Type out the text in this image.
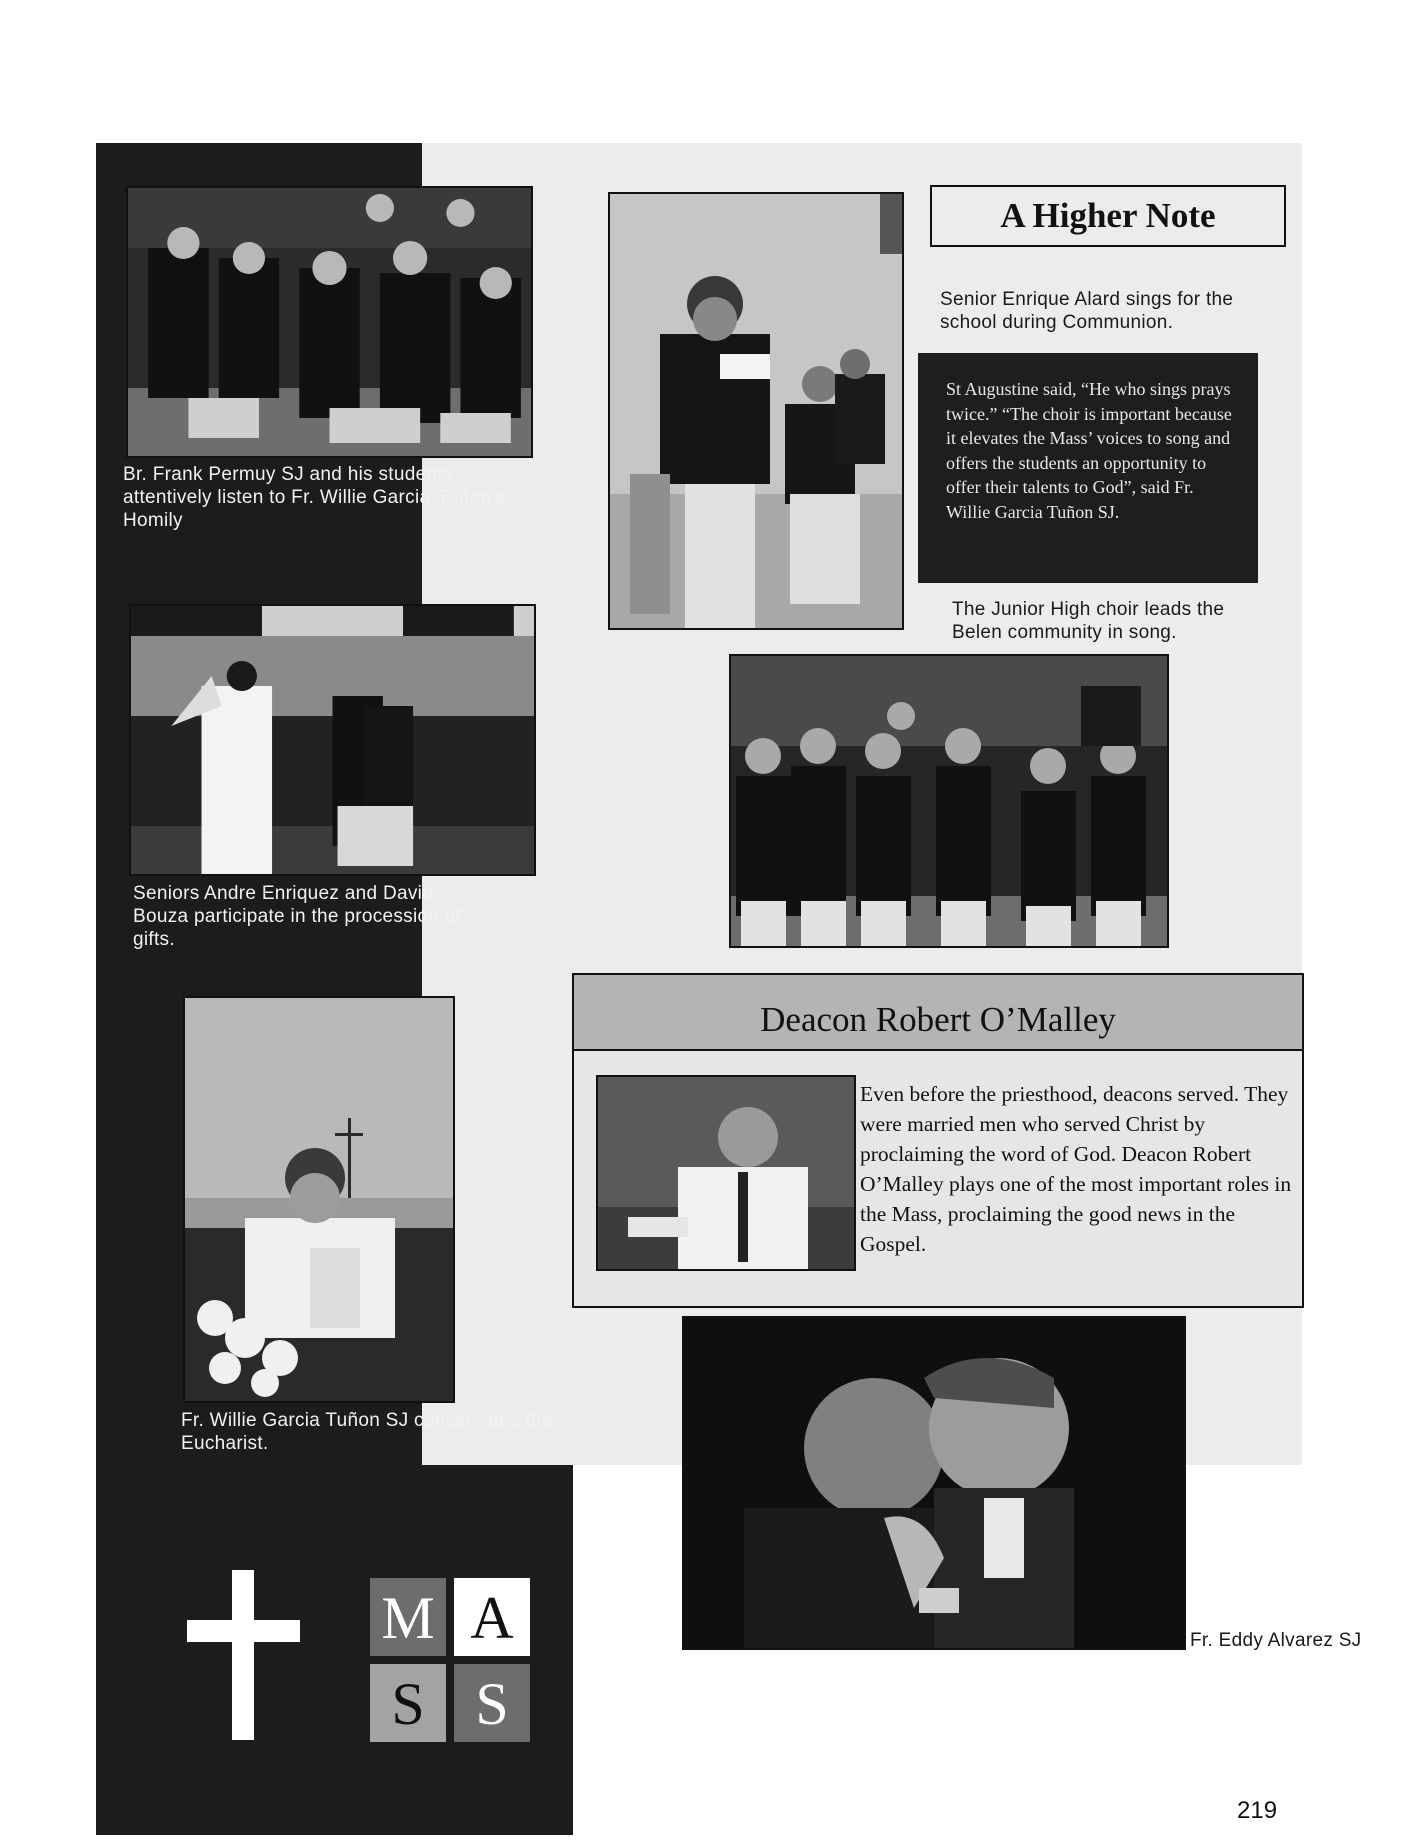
Br. Frank Permuy SJ and his students attentively listen to Fr. Willie Garcia-Tuñon's Homily
Seniors Andre Enriquez and David Bouza participate in the procession of gifts.
Fr. Willie Garcia Tuñon SJ consecrates the Eucharist.
M A
S S
A Higher Note
Senior Enrique Alard sings for the school during Communion.
St Augustine said, “He who sings prays twice.” “The choir is important because it elevates the Mass’ voices to song and offers the students an opportunity to offer their talents to God”, said Fr. Willie Garcia Tuñon SJ.
The Junior High choir leads the Belen community in song.
Deacon Robert O’Malley
Even before the priesthood, deacons served. They were married men who served Christ by proclaiming the word of God. Deacon Robert O’Malley plays one of the most important roles in the Mass, proclaiming the good news in the Gospel.
Fr. Eddy Alvarez SJ
219
